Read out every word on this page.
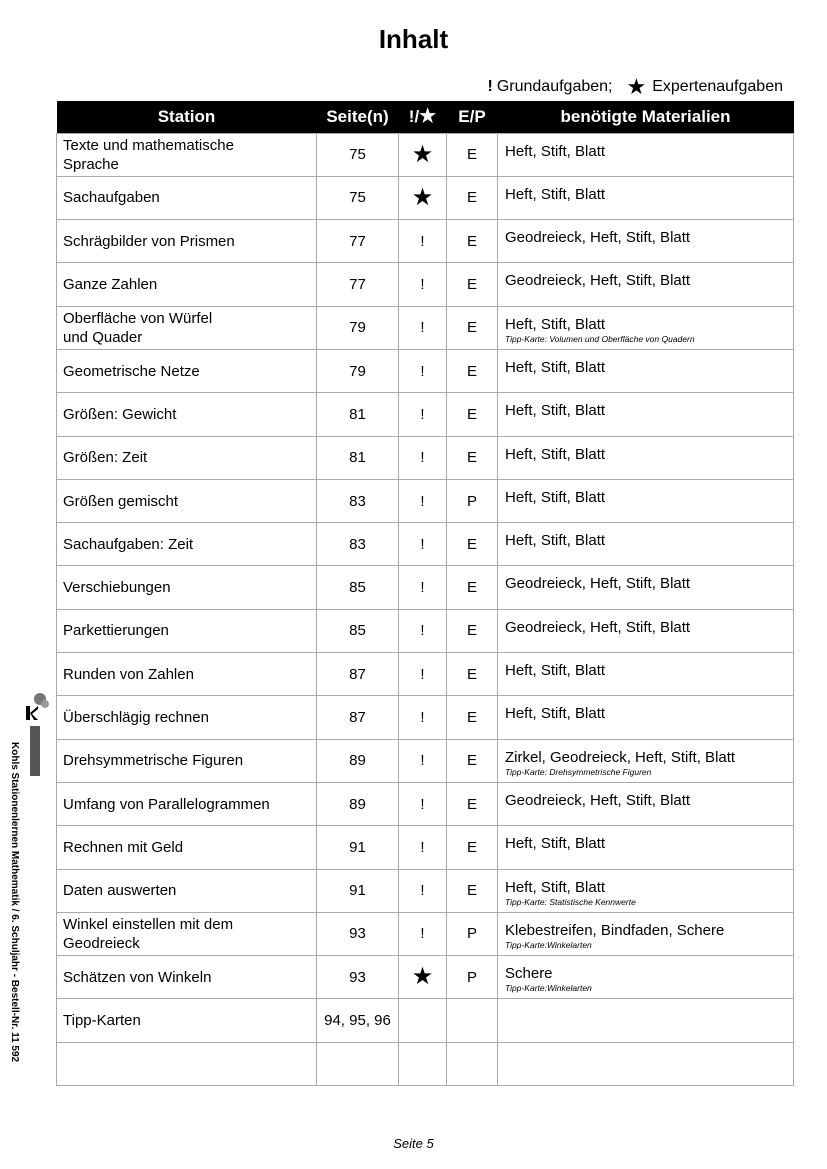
Inhalt
! Grundaufgaben; ★ Expertenaufgaben
Station	Seite(n)	!/★	E/P	benötigte Materialien
Texte und mathematische
Sprache	75	★	E	Heft, Stift, Blatt
Sachaufgaben	75	★	E	Heft, Stift, Blatt
Schrägbilder von Prismen	77	!	E	Geodreieck, Heft, Stift, Blatt
Ganze Zahlen	77	!	E	Geodreieck, Heft, Stift, Blatt
Oberfläche von Würfel
und Quader	79	!	E	Heft, Stift, Blatt
Tipp-Karte: Volumen und Oberfläche von Quadern

Geometrische Netze	79	!	E	Heft, Stift, Blatt
Größen: Gewicht	81	!	E	Heft, Stift, Blatt
Größen: Zeit	81	!	E	Heft, Stift, Blatt
Größen gemischt	83	!	P	Heft, Stift, Blatt
Sachaufgaben: Zeit	83	!	E	Heft, Stift, Blatt
Verschiebungen	85	!	E	Geodreieck, Heft, Stift, Blatt
Parkettierungen	85	!	E	Geodreieck, Heft, Stift, Blatt
Runden von Zahlen	87	!	E	Heft, Stift, Blatt
Überschlägig rechnen	87	!	E	Heft, Stift, Blatt
Drehsymmetrische Figuren	89	!	E	Zirkel, Geodreieck, Heft, Stift, Blatt
Tipp-Karte: Drehsymmetrische Figuren

Umfang von Parallelogrammen	89	!	E	Geodreieck, Heft, Stift, Blatt
Rechnen mit Geld	91	!	E	Heft, Stift, Blatt
Daten auswerten	91	!	E	Heft, Stift, Blatt
Tipp-Karte: Statistische Kennwerte

Winkel einstellen mit dem
Geodreieck	93	!	P	Klebestreifen, Bindfaden, Schere
Tipp-Karte:Winkelarten

Schätzen von Winkeln	93	★	P	Schere
Tipp-Karte:Winkelarten

Tipp-Karten	94, 95, 96			

Kohls Stationenlernen Mathematik / 6. Schuljahr - Bestell-Nr. 11 592
Seite 5
